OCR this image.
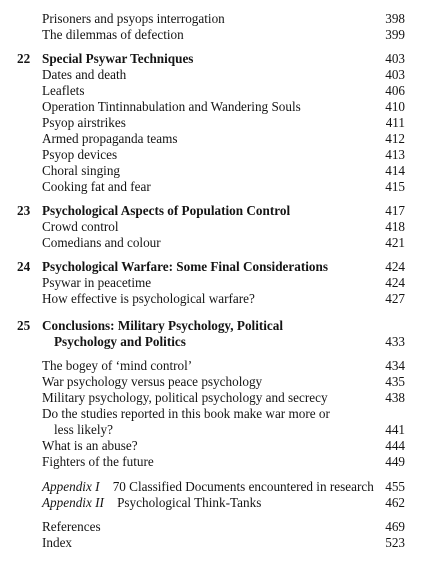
Prisoners and psyops interrogation	398
The dilemmas of defection	399
22 Special Psywar Techniques	403
Dates and death	403
Leaflets	406
Operation Tintinnabulation and Wandering Souls	410
Psyop airstrikes	411
Armed propaganda teams	412
Psyop devices	413
Choral singing	414
Cooking fat and fear	415
23 Psychological Aspects of Population Control	417
Crowd control	418
Comedians and colour	421
24 Psychological Warfare: Some Final Considerations	424
Psywar in peacetime	424
How effective is psychological warfare?	427
25 Conclusions: Military Psychology, Political
Psychology and Politics	433
The bogey of ‘mind control’	434
War psychology versus peace psychology	435
Military psychology, political psychology and secrecy	438
Do the studies reported in this book make war more or
less likely?	441
What is an abuse?	444
Fighters of the future	449
Appendix I  70 Classified Documents encountered in research 455
Appendix II  Psychological Think-Tanks	462
References	469
Index	523
